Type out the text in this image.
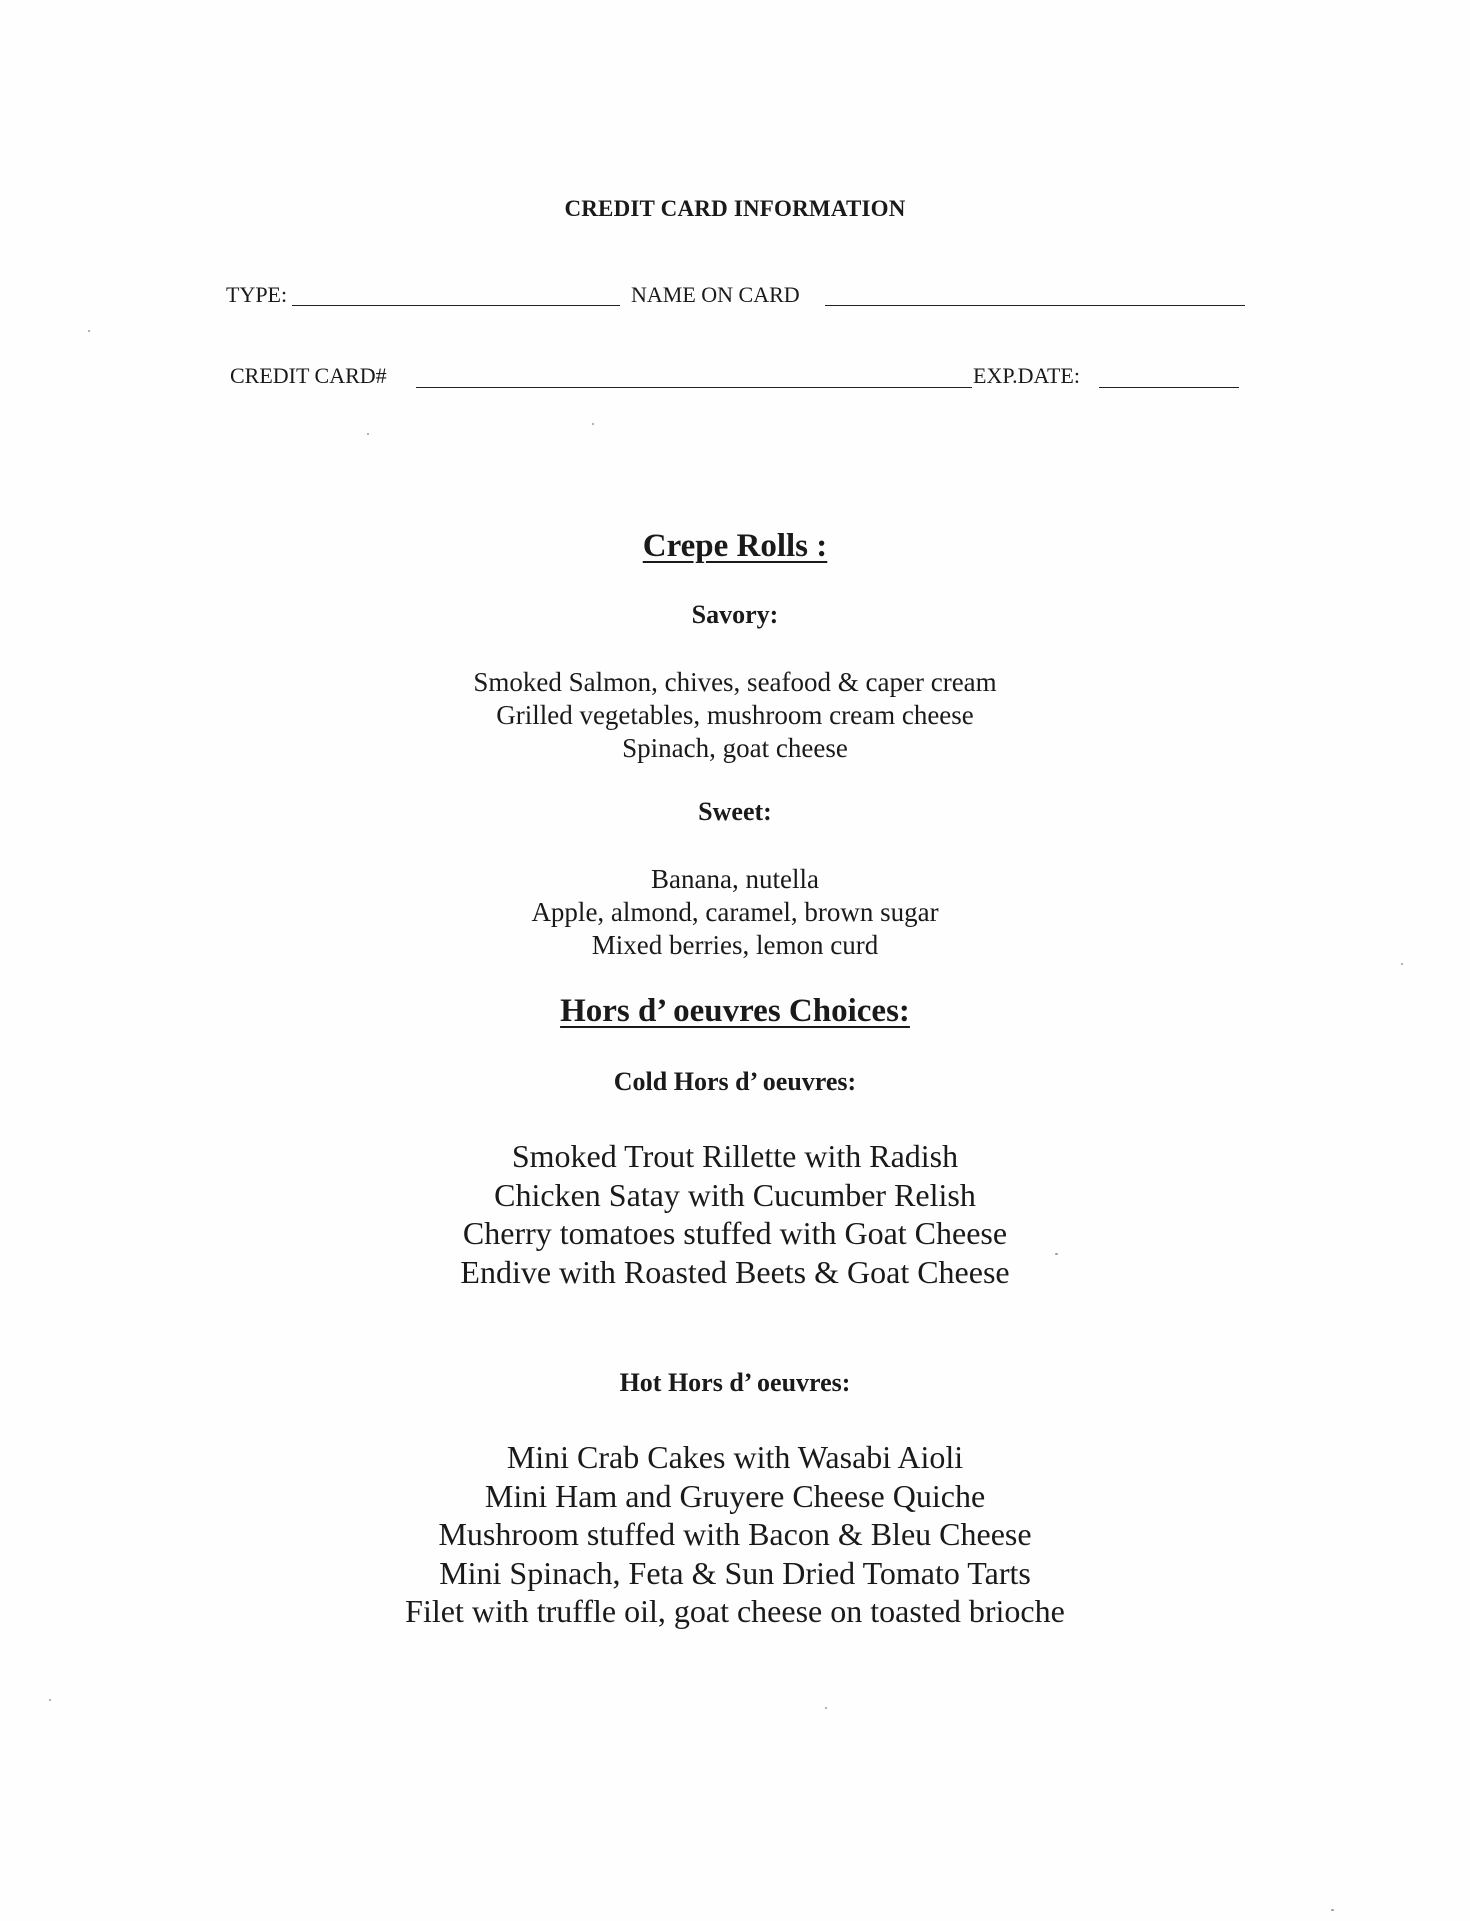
CREDIT CARD INFORMATION
TYPE:	NAME ON CARD
CREDIT CARD#	EXP.DATE:
Crepe Rolls :
Savory:
Smoked Salmon, chives, seafood & caper cream
Grilled vegetables, mushroom cream cheese
Spinach, goat cheese
Sweet:
Banana, nutella
Apple, almond, caramel, brown sugar
Mixed berries, lemon curd
Hors d’ oeuvres Choices:
Cold Hors d’ oeuvres:
Smoked Trout Rillette with Radish
Chicken Satay with Cucumber Relish
Cherry tomatoes stuffed with Goat Cheese
Endive with Roasted Beets & Goat Cheese
Hot Hors d’ oeuvres:
Mini Crab Cakes with Wasabi Aioli
Mini Ham and Gruyere Cheese Quiche
Mushroom stuffed with Bacon & Bleu Cheese
Mini Spinach, Feta & Sun Dried Tomato Tarts
Filet with truffle oil, goat cheese on toasted brioche
